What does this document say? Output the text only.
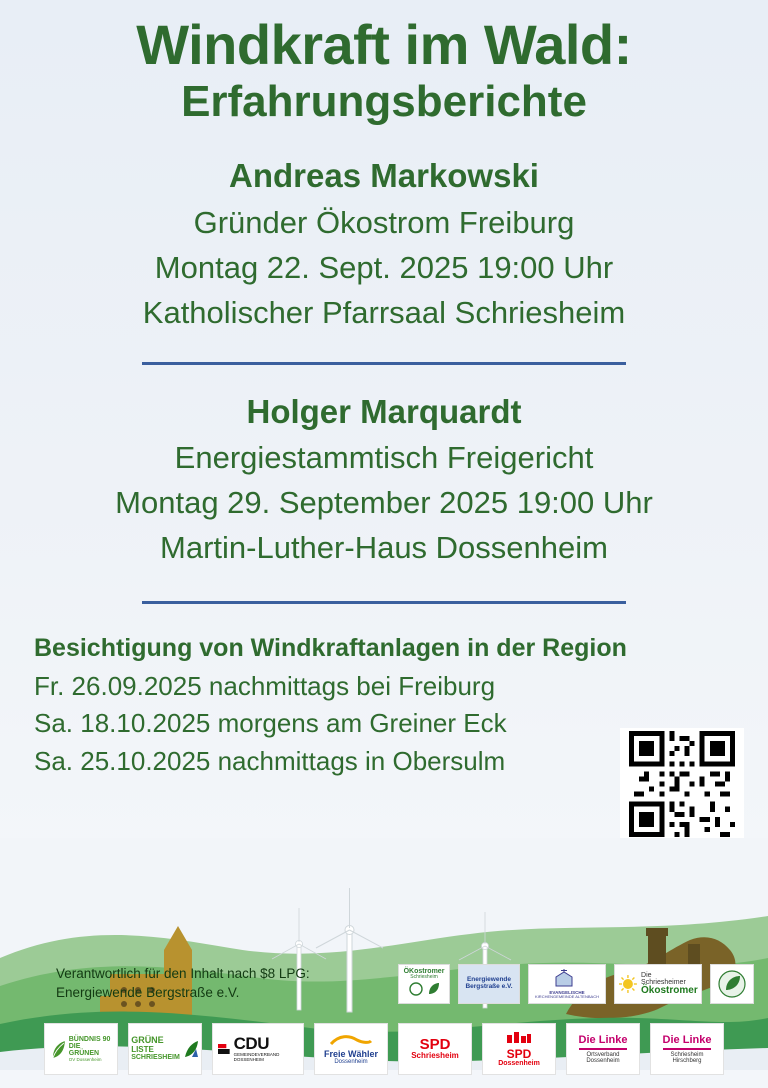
Windkraft im Wald:
Erfahrungsberichte
Andreas Markowski
Gründer Ökostrom Freiburg
Montag 22. Sept. 2025 19:00 Uhr
Katholischer Pfarrsaal Schriesheim
Holger Marquardt
Energiestammtisch Freigericht
Montag 29. September 2025 19:00 Uhr
Martin-Luther-Haus Dossenheim
Besichtigung von Windkraftanlagen in der Region
Fr. 26.09.2025 nachmittags bei Freiburg
Sa. 18.10.2025 morgens am Greiner Eck
Sa. 25.10.2025 nachmittags in Obersulm
Verantwortlich für den Inhalt nach $8 LPG:
Energiewende Bergstraße e.V.
ÖKostromer
Schriesheim	Energiewende
Bergstraße e.V.
EVANGELISCHE
KIRCHENGEMEINDE ALTENBACH
Die Schriesheimer
Ökostromer
BÜNDNIS 90
DIE GRÜNEN
OV Dossenheim
GRÜNE
LISTE
SCHRIESHEIM
CDU
GEMEINDEVERBAND DOSSENHEIM
Freie Wähler
Dossenheim
SPD
Schriesheim	SPD
Dossenheim
Die Linke
Ortsverband
Dossenheim
Die Linke
Schriesheim
Hirschberg
